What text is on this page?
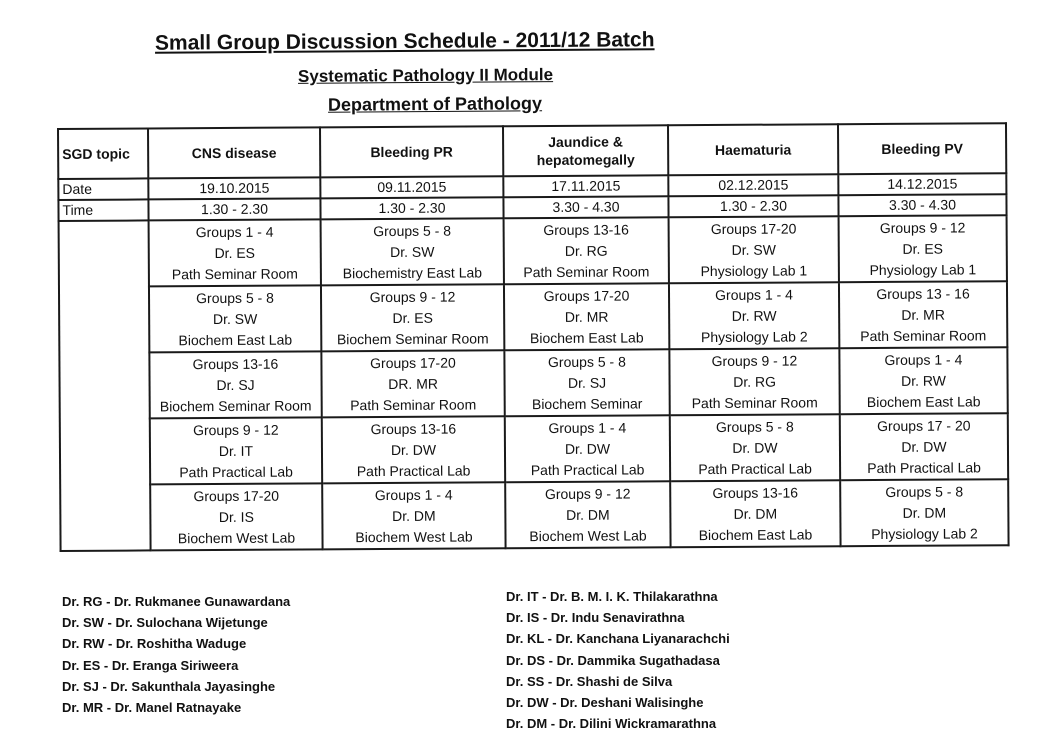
Small Group Discussion Schedule - 2011/12 Batch
Systematic Pathology II Module
Department of Pathology
SGD topic	CNS disease	Bleeding PR	Jaundice & hepatomegally	Haematuria	Bleeding PV
Date	19.10.2015	09.11.2015	17.11.2015	02.12.2015	14.12.2015
Time	1.30 - 2.30	1.30 - 2.30	3.30 - 4.30	1.30 - 2.30	3.30 - 4.30

	Groups 1 - 4
Dr. ES
Path Seminar Room	Groups 5 - 8
Dr. SW
Biochemistry East Lab	Groups 13-16
Dr. RG
Path Seminar Room	Groups 17-20
Dr. SW
Physiology Lab 1	Groups 9 - 12
Dr. ES
Physiology Lab 1

	Groups 5 - 8
Dr. SW
Biochem East Lab	Groups 9 - 12
Dr. ES
Biochem Seminar Room	Groups 17-20
Dr. MR
Biochem East Lab	Groups 1 - 4
Dr. RW
Physiology Lab 2	Groups 13 - 16
Dr. MR
Path Seminar Room

	Groups 13-16
Dr. SJ
Biochem Seminar Room	Groups 17-20
DR. MR
Path Seminar Room	Groups 5 - 8
Dr. SJ
Biochem Seminar	Groups 9 - 12
Dr. RG
Path Seminar Room	Groups 1 - 4
Dr. RW
Biochem East Lab

	Groups 9 - 12
Dr. IT
Path Practical Lab	Groups 13-16
Dr. DW
Path Practical Lab	Groups 1 - 4
Dr. DW
Path Practical Lab	Groups 5 - 8
Dr. DW
Path Practical Lab	Groups 17 - 20
Dr. DW
Path Practical Lab

	Groups 17-20
Dr. IS
Biochem West Lab	Groups 1 - 4
Dr. DM
Biochem West Lab	Groups 9 - 12
Dr. DM
Biochem West Lab	Groups 13-16
Dr. DM
Biochem East Lab	Groups 5 - 8
Dr. DM
Physiology Lab 2
Dr. RG - Dr. Rukmanee Gunawardana
Dr. SW - Dr. Sulochana Wijetunge
Dr. RW - Dr. Roshitha Waduge
Dr. ES - Dr. Eranga Siriweera
Dr. SJ - Dr. Sakunthala Jayasinghe
Dr. MR - Dr. Manel Ratnayake
Dr. IT - Dr. B. M. I. K. Thilakarathna
Dr. IS - Dr. Indu Senavirathna
Dr. KL - Dr. Kanchana Liyanarachchi
Dr. DS - Dr. Dammika Sugathadasa
Dr. SS - Dr. Shashi de Silva
Dr. DW - Dr. Deshani Walisinghe
Dr. DM - Dr. Dilini Wickramarathna
